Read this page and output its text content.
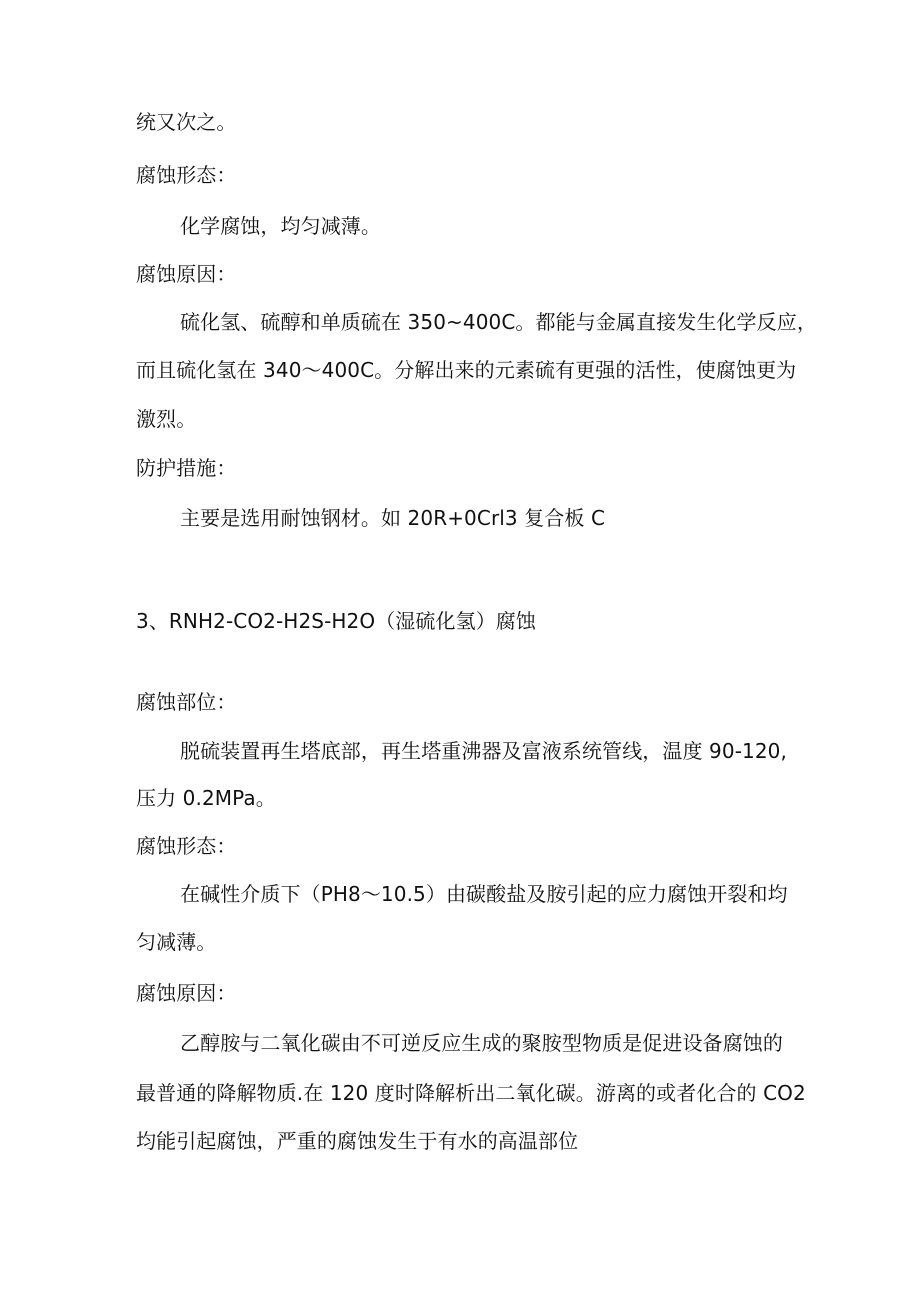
统又次之。
腐蚀形态：
化学腐蚀，均匀减薄。
腐蚀原因：
硫化氢、硫醇和单质硫在 350~400C。都能与金属直接发生化学反应，
而且硫化氢在 340～400C。分解出来的元素硫有更强的活性，使腐蚀更为
激烈。
防护措施：
主要是选用耐蚀钢材。如 20R+0Crl3 复合板 C
3、RNH2-CO2-H2S-H2O（湿硫化氢）腐蚀
腐蚀部位：
脱硫装置再生塔底部，再生塔重沸器及富液系统管线，温度 90-120,
压力 0.2MPa。
腐蚀形态：
在碱性介质下（PH8～10.5）由碳酸盐及胺引起的应力腐蚀开裂和均
匀减薄。
腐蚀原因：
乙醇胺与二氧化碳由不可逆反应生成的聚胺型物质是促进设备腐蚀的
最普通的降解物质.在 120 度时降解析出二氧化碳。游离的或者化合的 CO2
均能引起腐蚀，严重的腐蚀发生于有水的高温部位
